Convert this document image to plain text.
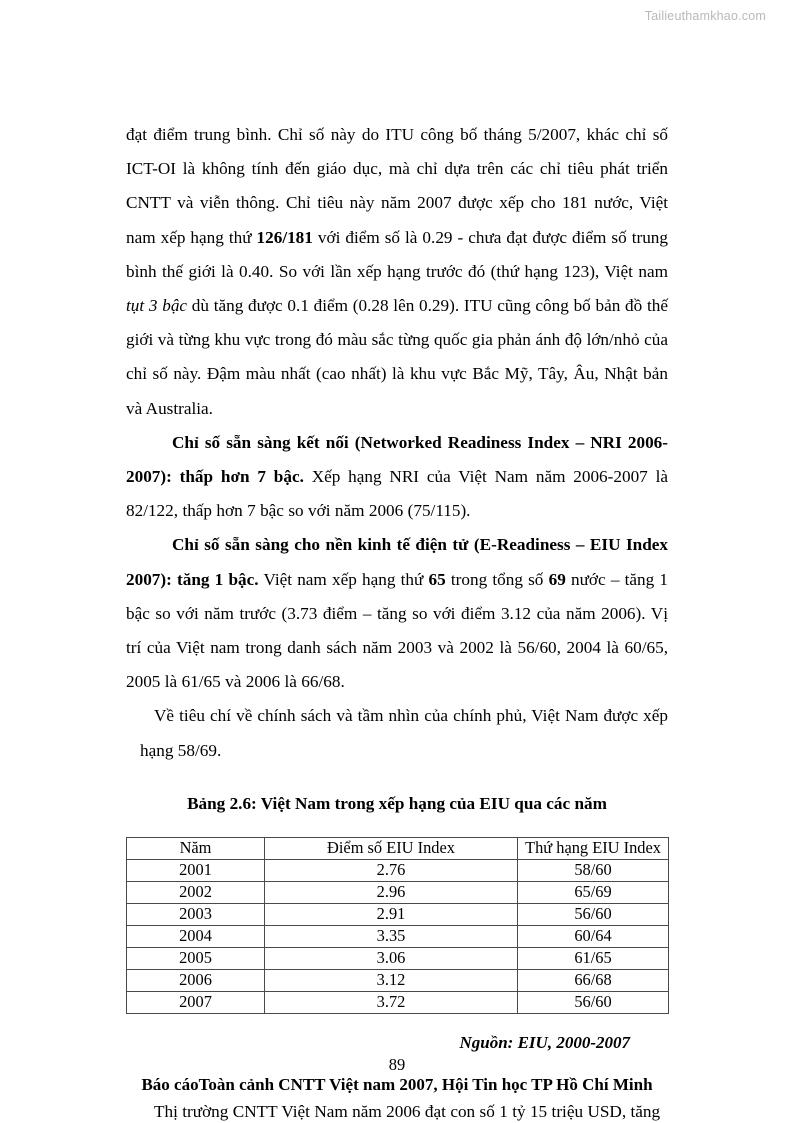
Tailieuthamkhao.com

đạt điểm trung bình. Chỉ số này do ITU công bố tháng 5/2007, khác chỉ số ICT-OI là không tính đến giáo dục, mà chỉ dựa trên các chỉ tiêu phát triển CNTT và viễn thông. Chỉ tiêu này năm 2007 được xếp cho 181 nước, Việt nam xếp hạng thứ 126/181 với điểm số là 0.29 - chưa đạt được điểm số trung bình thế giới là 0.40. So với lần xếp hạng trước đó (thứ hạng 123), Việt nam tụt 3 bậc dù tăng được 0.1 điểm (0.28 lên 0.29). ITU cũng công bố bản đồ thế giới và từng khu vực trong đó màu sắc từng quốc gia phản ánh độ lớn/nhỏ của chỉ số này. Đậm màu nhất (cao nhất) là khu vực Bắc Mỹ, Tây, Âu, Nhật bản và Australia.

Chỉ số sẵn sàng kết nối (Networked Readiness Index – NRI 2006-2007): thấp hơn 7 bậc. Xếp hạng NRI của Việt Nam năm 2006-2007 là 82/122, thấp hơn 7 bậc so với năm 2006 (75/115).

Chỉ số sẵn sàng cho nền kinh tế điện tử (E-Readiness – EIU Index 2007): tăng 1 bậc. Việt nam xếp hạng thứ 65 trong tổng số 69 nước – tăng 1 bậc so với năm trước (3.73 điểm – tăng so với điểm 3.12 của năm 2006). Vị trí của Việt nam trong danh sách năm 2003 và 2002 là 56/60, 2004 là 60/65, 2005 là 61/65 và 2006 là 66/68.

Về tiêu chí về chính sách và tầm nhìn của chính phủ, Việt Nam được xếp hạng 58/69.

Bảng 2.6: Việt Nam trong xếp hạng của EIU qua các năm
Năm	Điểm số EIU Index	Thứ hạng EIU Index
2001	2.76	58/60
2002	2.96	65/69
2003	2.91	56/60
2004	3.35	60/64
2005	3.06	61/65
2006	3.12	66/68
2007	3.72	56/60
Nguồn: EIU, 2000-2007
Báo cáoToàn cảnh CNTT Việt nam 2007, Hội Tin học TP Hồ Chí Minh

Thị trường CNTT Việt Nam năm 2006 đạt con số 1 tỷ 15 triệu USD, tăng

89
